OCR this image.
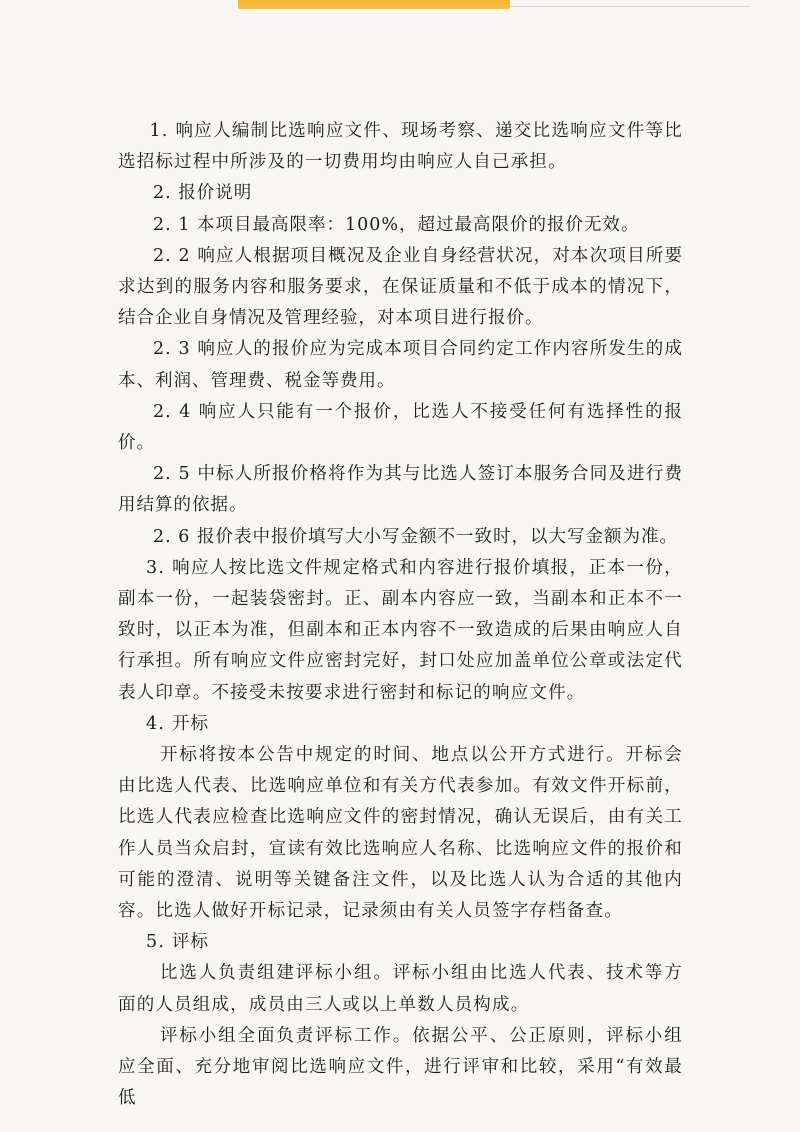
1. 响应人编制比选响应文件、现场考察、递交比选响应文件等比选招标过程中所涉及的一切费用均由响应人自己承担。

2. 报价说明

2. 1 本项目最高限率：100%，超过最高限价的报价无效。

2. 2 响应人根据项目概况及企业自身经营状况，对本次项目所要求达到的服务内容和服务要求，在保证质量和不低于成本的情况下，结合企业自身情况及管理经验，对本项目进行报价。

2. 3 响应人的报价应为完成本项目合同约定工作内容所发生的成本、利润、管理费、税金等费用。

2. 4 响应人只能有一个报价，比选人不接受任何有选择性的报价。

2. 5 中标人所报价格将作为其与比选人签订本服务合同及进行费用结算的依据。

2. 6 报价表中报价填写大小写金额不一致时，以大写金额为准。

3. 响应人按比选文件规定格式和内容进行报价填报，正本一份，副本一份，一起装袋密封。正、副本内容应一致，当副本和正本不一致时，以正本为准，但副本和正本内容不一致造成的后果由响应人自行承担。所有响应文件应密封完好，封口处应加盖单位公章或法定代表人印章。不接受未按要求进行密封和标记的响应文件。

4. 开标

开标将按本公告中规定的时间、地点以公开方式进行。开标会由比选人代表、比选响应单位和有关方代表参加。有效文件开标前，比选人代表应检查比选响应文件的密封情况，确认无误后，由有关工作人员当众启封，宣读有效比选响应人名称、比选响应文件的报价和可能的澄清、说明等关键备注文件，以及比选人认为合适的其他内容。比选人做好开标记录，记录须由有关人员签字存档备查。

5. 评标

比选人负责组建评标小组。评标小组由比选人代表、技术等方面的人员组成，成员由三人或以上单数人员构成。

评标小组全面负责评标工作。依据公平、公正原则，评标小组应全面、充分地审阅比选响应文件，进行评审和比较，采用“有效最低
